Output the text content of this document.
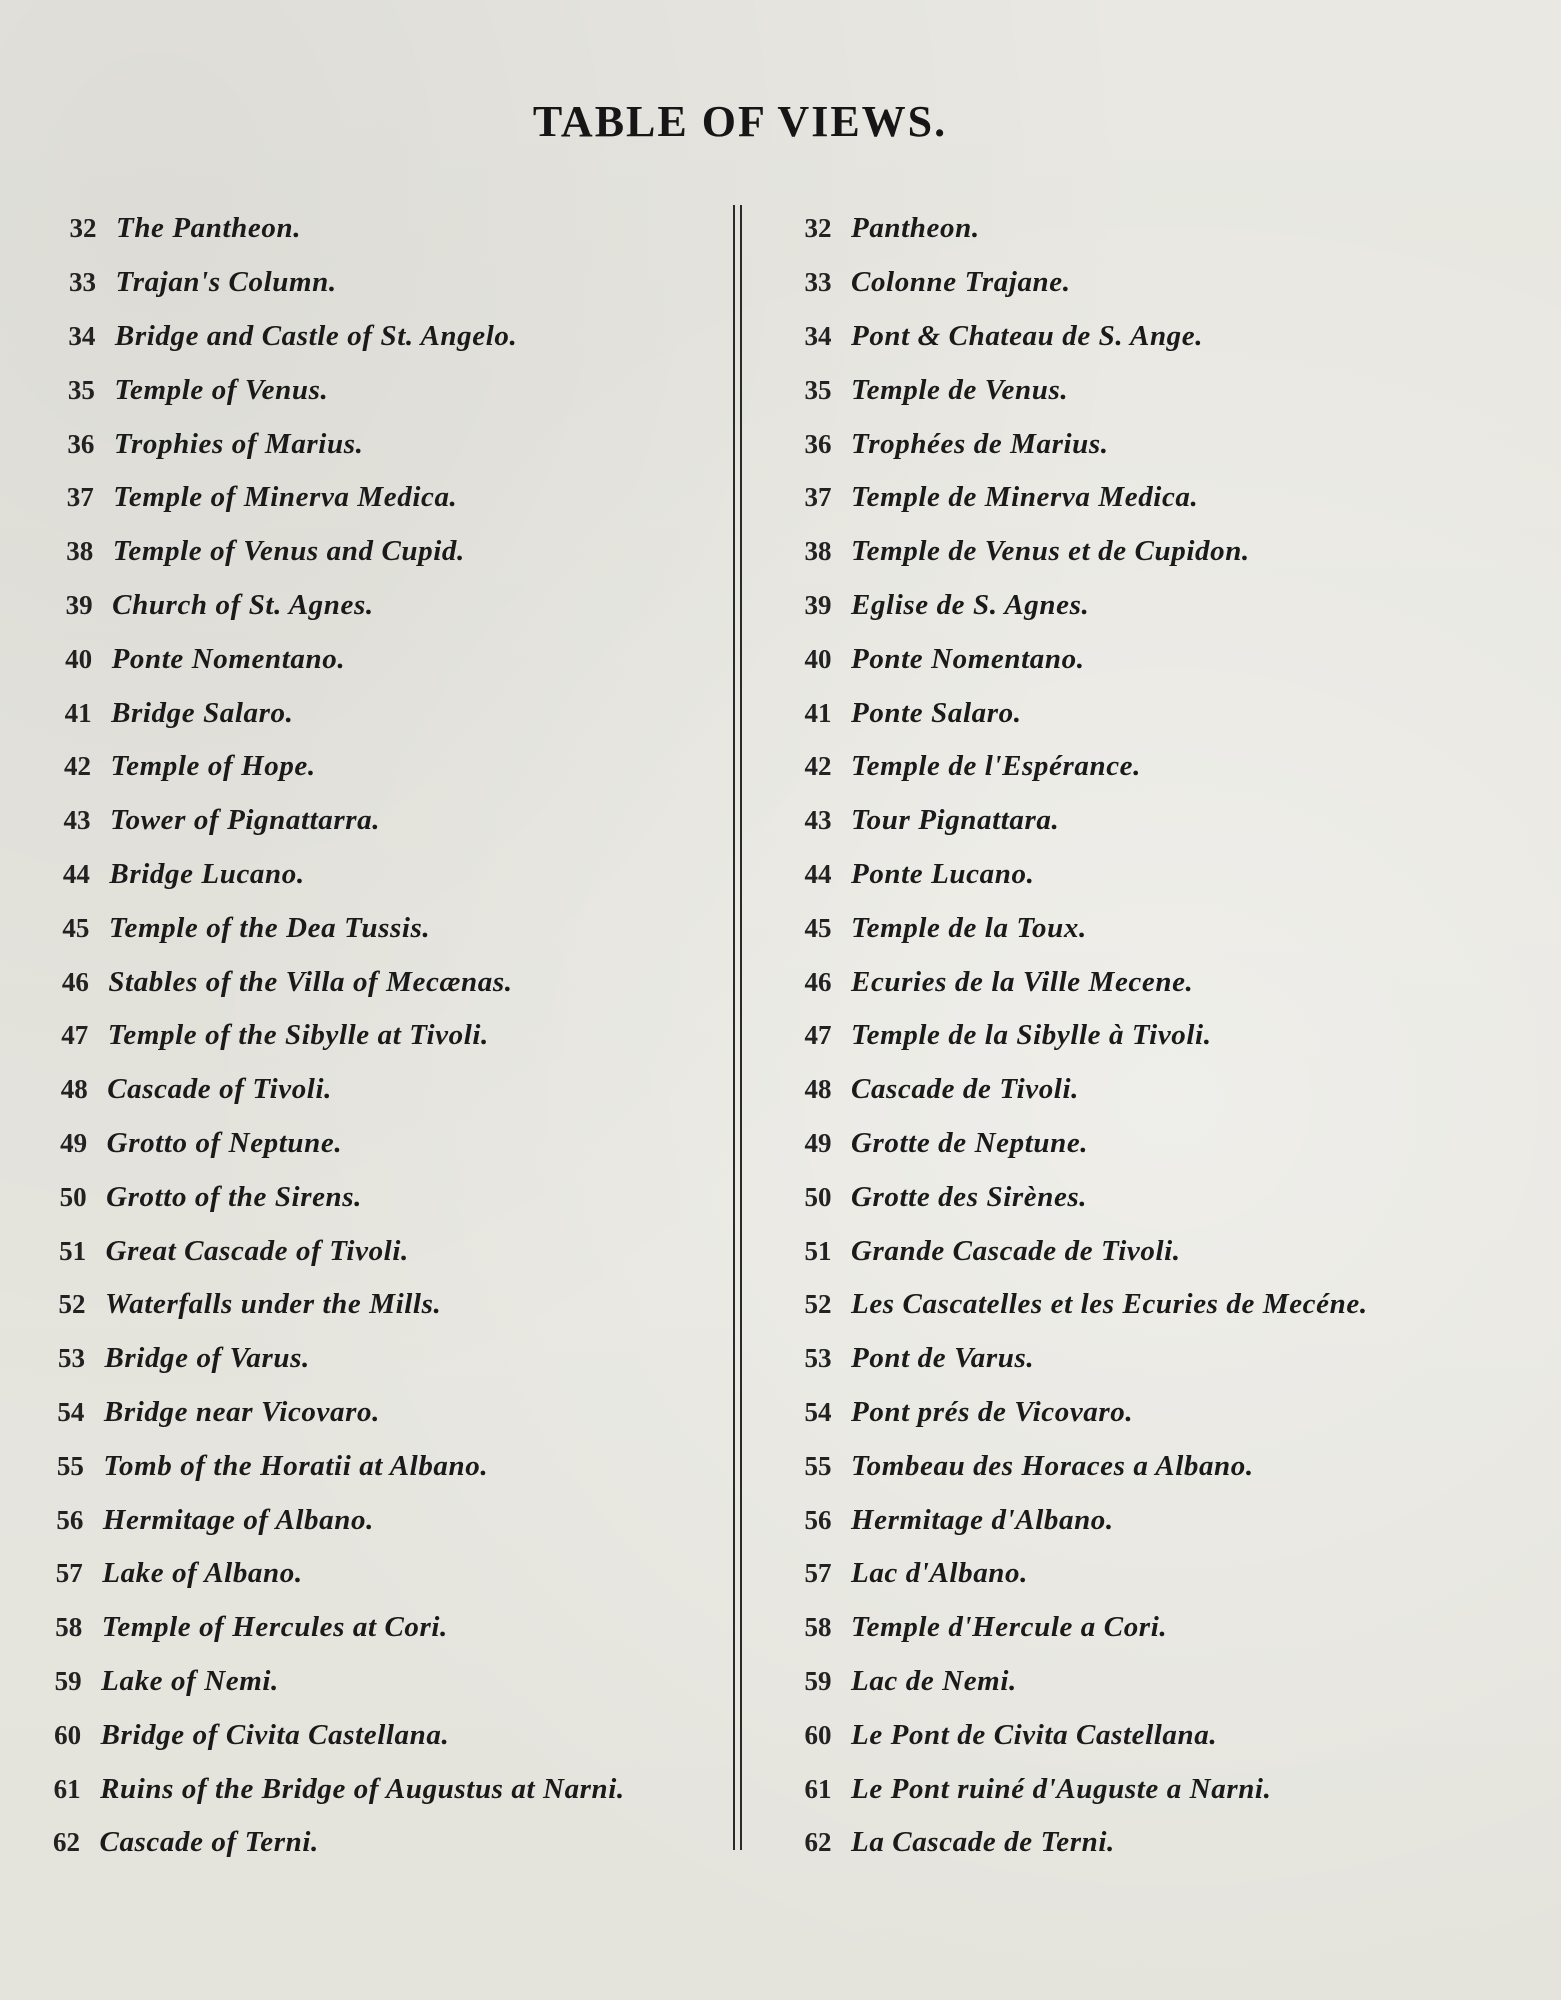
TABLE OF VIEWS.
32 The Pantheon.
33 Trajan's Column.
34 Bridge and Castle of St. Angelo.
35 Temple of Venus.
36 Trophies of Marius.
37 Temple of Minerva Medica.
38 Temple of Venus and Cupid.
39 Church of St. Agnes.
40 Ponte Nomentano.
41 Bridge Salaro.
42 Temple of Hope.
43 Tower of Pignattarra.
44 Bridge Lucano.
45 Temple of the Dea Tussis.
46 Stables of the Villa of Mecænas.
47 Temple of the Sibylle at Tivoli.
48 Cascade of Tivoli.
49 Grotto of Neptune.
50 Grotto of the Sirens.
51 Great Cascade of Tivoli.
52 Waterfalls under the Mills.
53 Bridge of Varus.
54 Bridge near Vicovaro.
55 Tomb of the Horatii at Albano.
56 Hermitage of Albano.
57 Lake of Albano.
58 Temple of Hercules at Cori.
59 Lake of Nemi.
60 Bridge of Civita Castellana.
61 Ruins of the Bridge of Augustus at Narni.
62 Cascade of Terni.
32 Pantheon.
33 Colonne Trajane.
34 Pont & Chateau de S. Ange.
35 Temple de Venus.
36 Trophées de Marius.
37 Temple de Minerva Medica.
38 Temple de Venus et de Cupidon.
39 Eglise de S. Agnes.
40 Ponte Nomentano.
41 Ponte Salaro.
42 Temple de l'Espérance.
43 Tour Pignattara.
44 Ponte Lucano.
45 Temple de la Toux.
46 Ecuries de la Ville Mecene.
47 Temple de la Sibylle à Tivoli.
48 Cascade de Tivoli.
49 Grotte de Neptune.
50 Grotte des Sirènes.
51 Grande Cascade de Tivoli.
52 Les Cascatelles et les Ecuries de Mecéne.
53 Pont de Varus.
54 Pont prés de Vicovaro.
55 Tombeau des Horaces a Albano.
56 Hermitage d'Albano.
57 Lac d'Albano.
58 Temple d'Hercule a Cori.
59 Lac de Nemi.
60 Le Pont de Civita Castellana.
61 Le Pont ruiné d'Auguste a Narni.
62 La Cascade de Terni.
